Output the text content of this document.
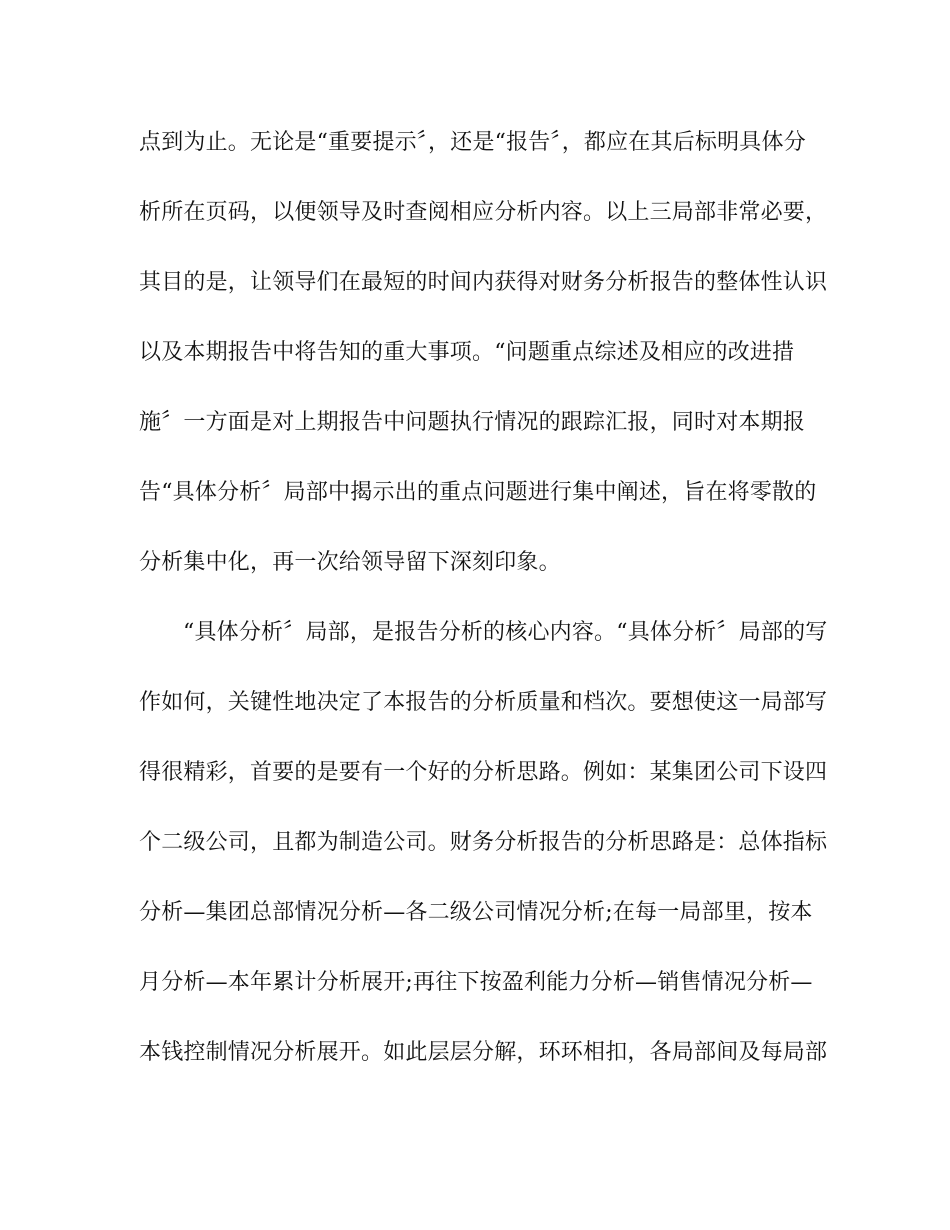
点到为止。无论是“重要提示〞，还是“报告〞，都应在其后标明具体分
析所在页码，以便领导及时查阅相应分析内容。以上三局部非常必要，
其目的是，让领导们在最短的时间内获得对财务分析报告的整体性认识
以及本期报告中将告知的重大事项。“问题重点综述及相应的改进措
施〞一方面是对上期报告中问题执行情况的跟踪汇报，同时对本期报
告“具体分析〞局部中揭示出的重点问题进行集中阐述，旨在将零散的
分析集中化，再一次给领导留下深刻印象。
“具体分析〞局部，是报告分析的核心内容。“具体分析〞局部的写
作如何，关键性地决定了本报告的分析质量和档次。要想使这一局部写
得很精彩，首要的是要有一个好的分析思路。例如：某集团公司下设四
个二级公司，且都为制造公司。财务分析报告的分析思路是：总体指标
分析—集团总部情况分析—各二级公司情况分析;在每一局部里，按本
月分析—本年累计分析展开;再往下按盈利能力分析—销售情况分析—
本钱控制情况分析展开。如此层层分解，环环相扣，各局部间及每局部
